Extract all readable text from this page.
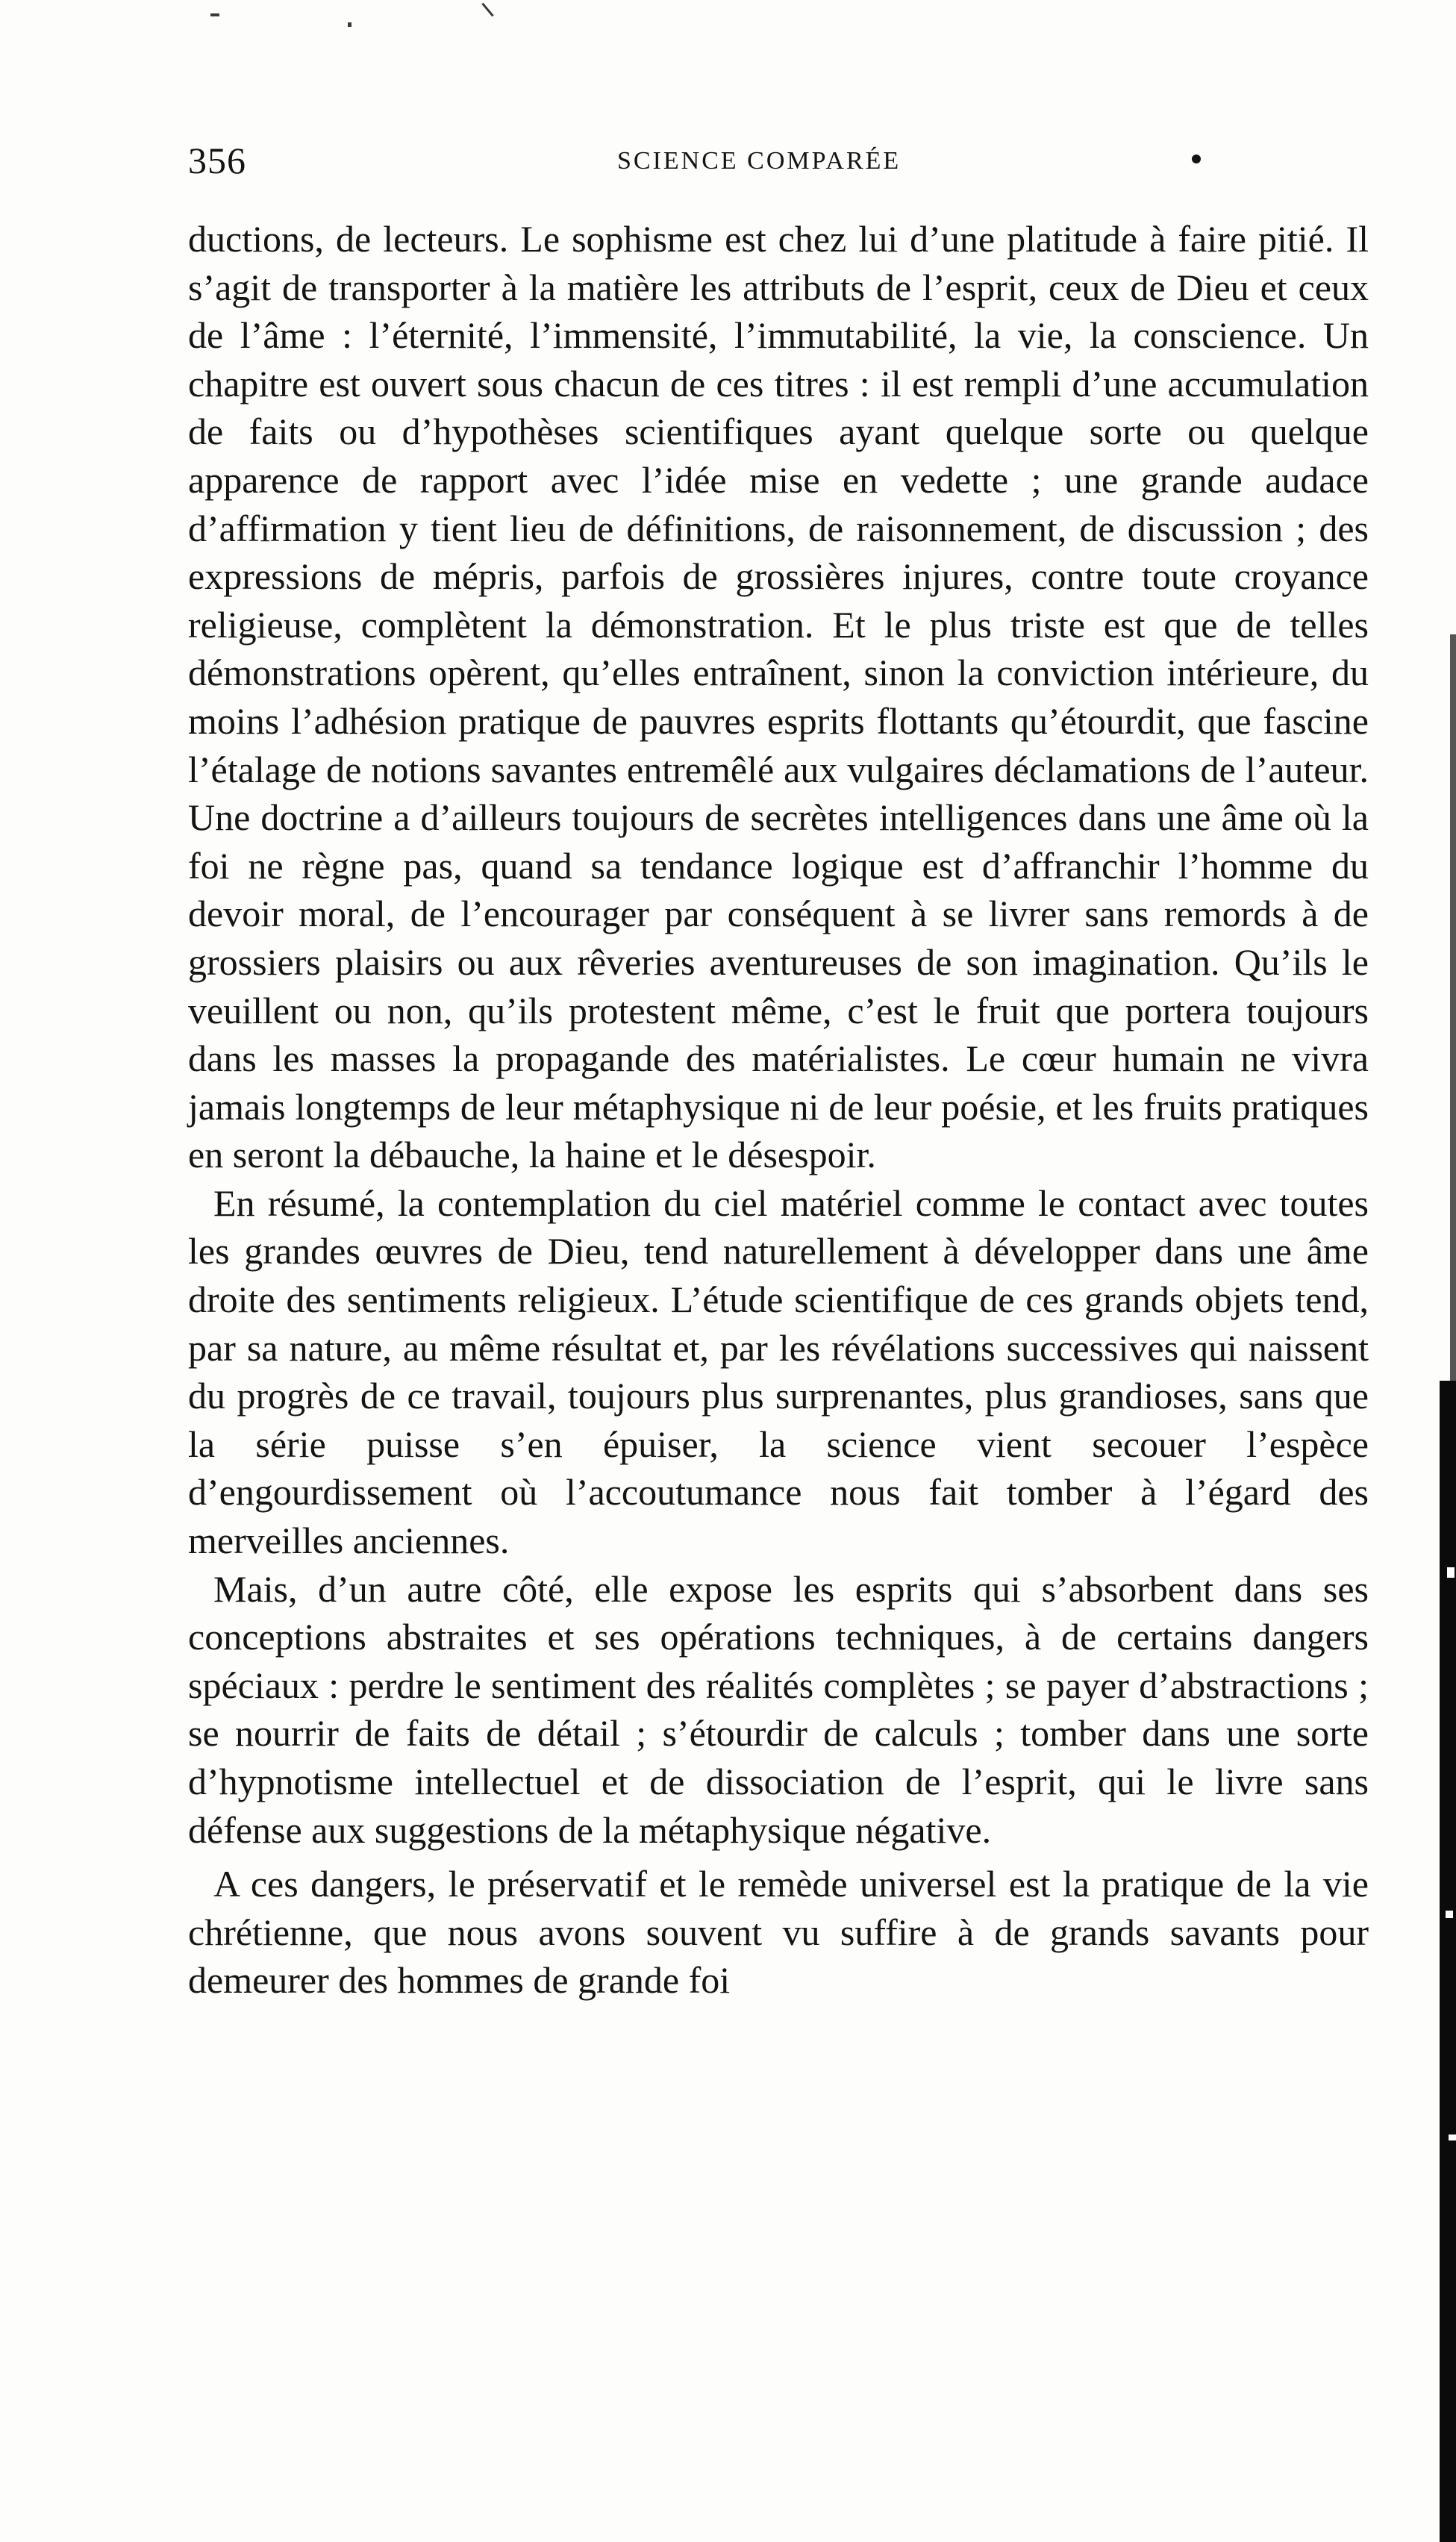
356	SCIENCE COMPARÉE

ductions, de lecteurs. Le sophisme est chez lui d’une platitude à faire pitié. Il s’agit de transporter à la matière les attributs de l’esprit, ceux de Dieu et ceux de l’âme : l’éternité, l’immensité, l’immutabilité, la vie, la conscience. Un chapitre est ouvert sous chacun de ces titres : il est rempli d’une accumulation de faits ou d’hypothèses scientifiques ayant quelque sorte ou quelque apparence de rapport avec l’idée mise en vedette ; une grande audace d’affirmation y tient lieu de définitions, de raisonnement, de discussion ; des expressions de mépris, parfois de grossières injures, contre toute croyance religieuse, complètent la démonstration. Et le plus triste est que de telles démonstrations opèrent, qu’elles entraînent, sinon la conviction intérieure, du moins l’adhésion pratique de pauvres esprits flottants qu’étourdit, que fascine l’étalage de notions savantes entremêlé aux vulgaires déclamations de l’auteur. Une doctrine a d’ailleurs toujours de secrètes intelligences dans une âme où la foi ne règne pas, quand sa tendance logique est d’affranchir l’homme du devoir moral, de l’encourager par conséquent à se livrer sans remords à de grossiers plaisirs ou aux rêveries aventureuses de son imagination. Qu’ils le veuillent ou non, qu’ils protestent même, c’est le fruit que portera toujours dans les masses la propagande des matérialistes. Le cœur humain ne vivra jamais longtemps de leur métaphysique ni de leur poésie, et les fruits pratiques en seront la débauche, la haine et le désespoir.

En résumé, la contemplation du ciel matériel comme le contact avec toutes les grandes œuvres de Dieu, tend naturellement à développer dans une âme droite des sentiments religieux. L’étude scientifique de ces grands objets tend, par sa nature, au même résultat et, par les révélations successives qui naissent du progrès de ce travail, toujours plus surprenantes, plus grandioses, sans que la série puisse s’en épuiser, la science vient secouer l’espèce d’engourdissement où l’accoutumance nous fait tomber à l’égard des merveilles anciennes.

Mais, d’un autre côté, elle expose les esprits qui s’absorbent dans ses conceptions abstraites et ses opérations techniques, à de certains dangers spéciaux : perdre le sentiment des réalités complètes ; se payer d’abstractions ; se nourrir de faits de détail ; s’étourdir de calculs ; tomber dans une sorte d’hypnotisme intellectuel et de dissociation de l’esprit, qui le livre sans défense aux suggestions de la métaphysique négative.

A ces dangers, le préservatif et le remède universel est la pratique de la vie chrétienne, que nous avons souvent vu suffire à de grands savants pour demeurer des hommes de grande foi
